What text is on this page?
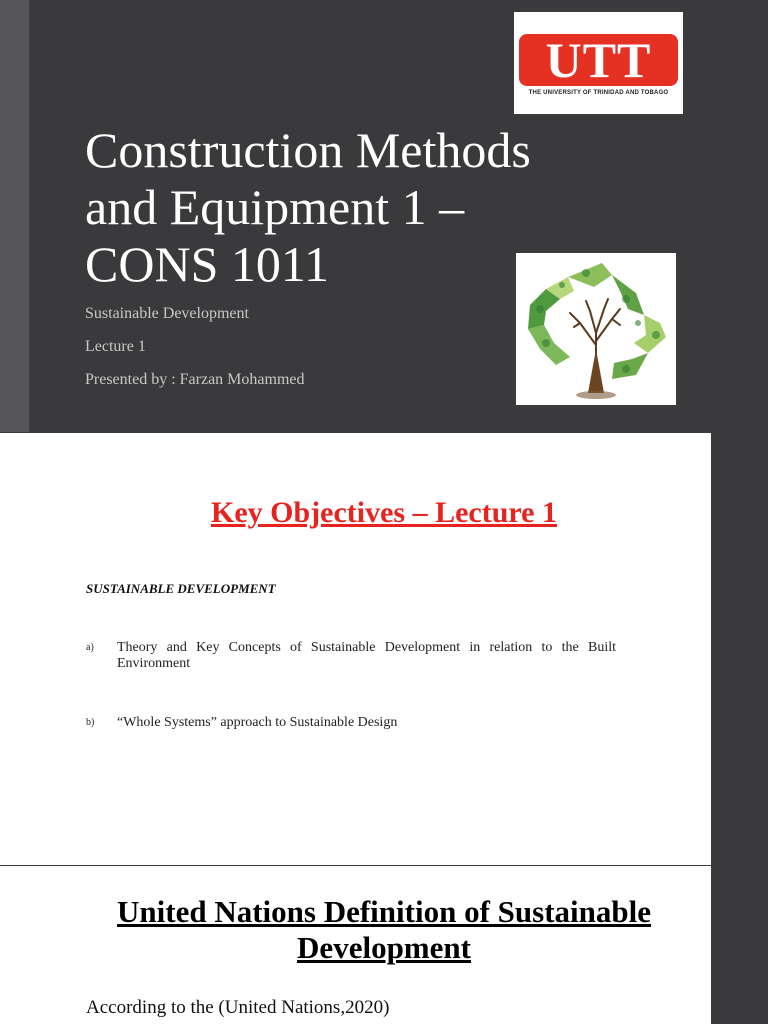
UTT
THE UNIVERSITY OF TRINIDAD AND TOBAGO
Construction Methods and Equipment 1 – CONS 1011
Sustainable Development
Lecture 1
Presented by : Farzan Mohammed
Key Objectives – Lecture 1
SUSTAINABLE DEVELOPMENT
a) Theory and Key Concepts of Sustainable Development in relation to the Built Environment
b) “Whole Systems” approach to Sustainable Design
United Nations Definition of Sustainable
Development
According to the (United Nations,2020)
